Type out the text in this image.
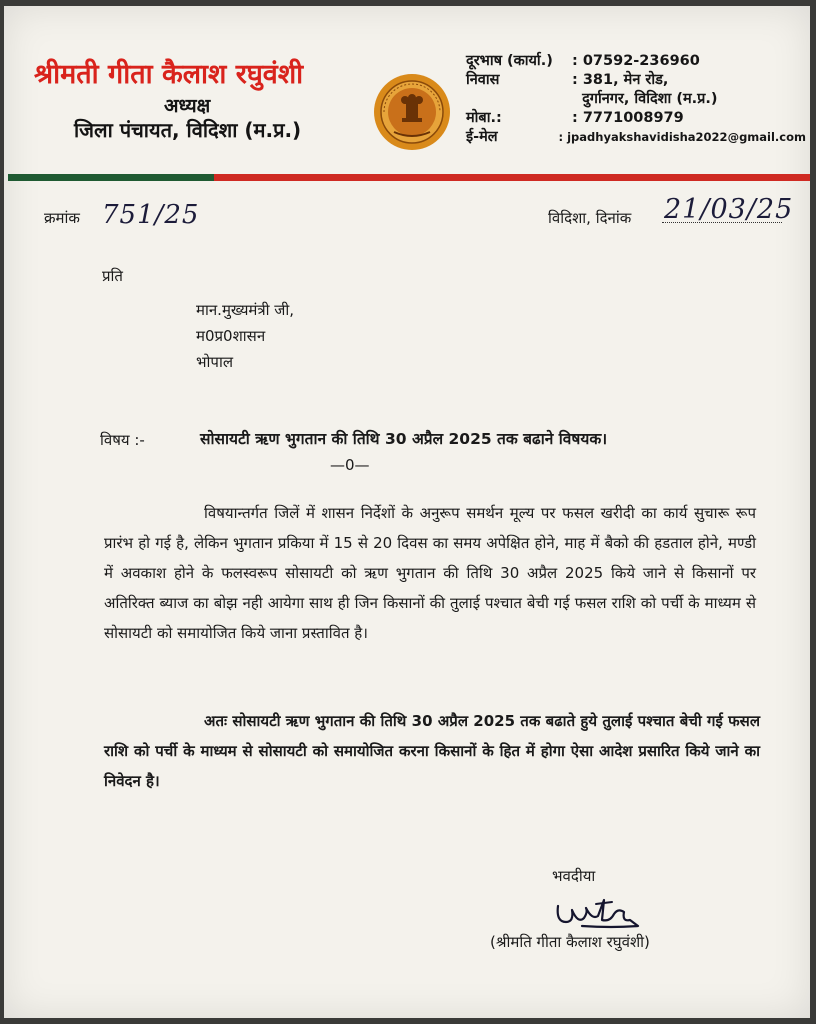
श्रीमती गीता कैलाश रघुवंशी
अध्यक्ष
जिला पंचायत, विदिशा (म.प्र.)
दूरभाष (कार्या.)	: 07592-236960
निवास	: 381, मेन रोड,
दुर्गानगर, विदिशा (म.प्र.)
मोबा.:	: 7771008979
ई-मेल	: jpadhyakshavidisha2022@gmail.com
क्रमांक 751/25	विदिशा, दिनांक 21/03/25
प्रति
मान.मुख्यमंत्री जी,
म0प्र0शासन
भोपाल
विषय :-	सोसायटी ऋण भुगतान की तिथि 30 अप्रैल 2025 तक बढाने विषयक।
—0—
विषयान्तर्गत जिलें में शासन निर्देशों के अनुरूप समर्थन मूल्य पर फसल खरीदी का कार्य सुचारू रूप प्रारंभ हो गई है, लेकिन भुगतान प्रकिया में 15 से 20 दिवस का समय अपेक्षित होने, माह में बैको की हडताल होने, मण्डी में अवकाश होने के फलस्वरूप सोसायटी को ऋण भुगतान की तिथि 30 अप्रैल 2025 किये जाने से किसानों पर अतिरिक्त ब्याज का बोझ नही आयेगा साथ ही जिन किसानों की तुलाई पश्चात बेची गई फसल राशि को पर्ची के माध्यम से सोसायटी को समायोजित किये जाना प्रस्तावित है।
अतः सोसायटी ऋण भुगतान की तिथि 30 अप्रैल 2025 तक बढाते हुये तुलाई पश्चात बेची गई फसल राशि को पर्ची के माध्यम से सोसायटी को समायोजित करना किसानों के हित में होगा ऐसा आदेश प्रसारित किये जाने का निवेदन है।
भवदीया
(श्रीमति गीता कैलाश रघुवंशी)
